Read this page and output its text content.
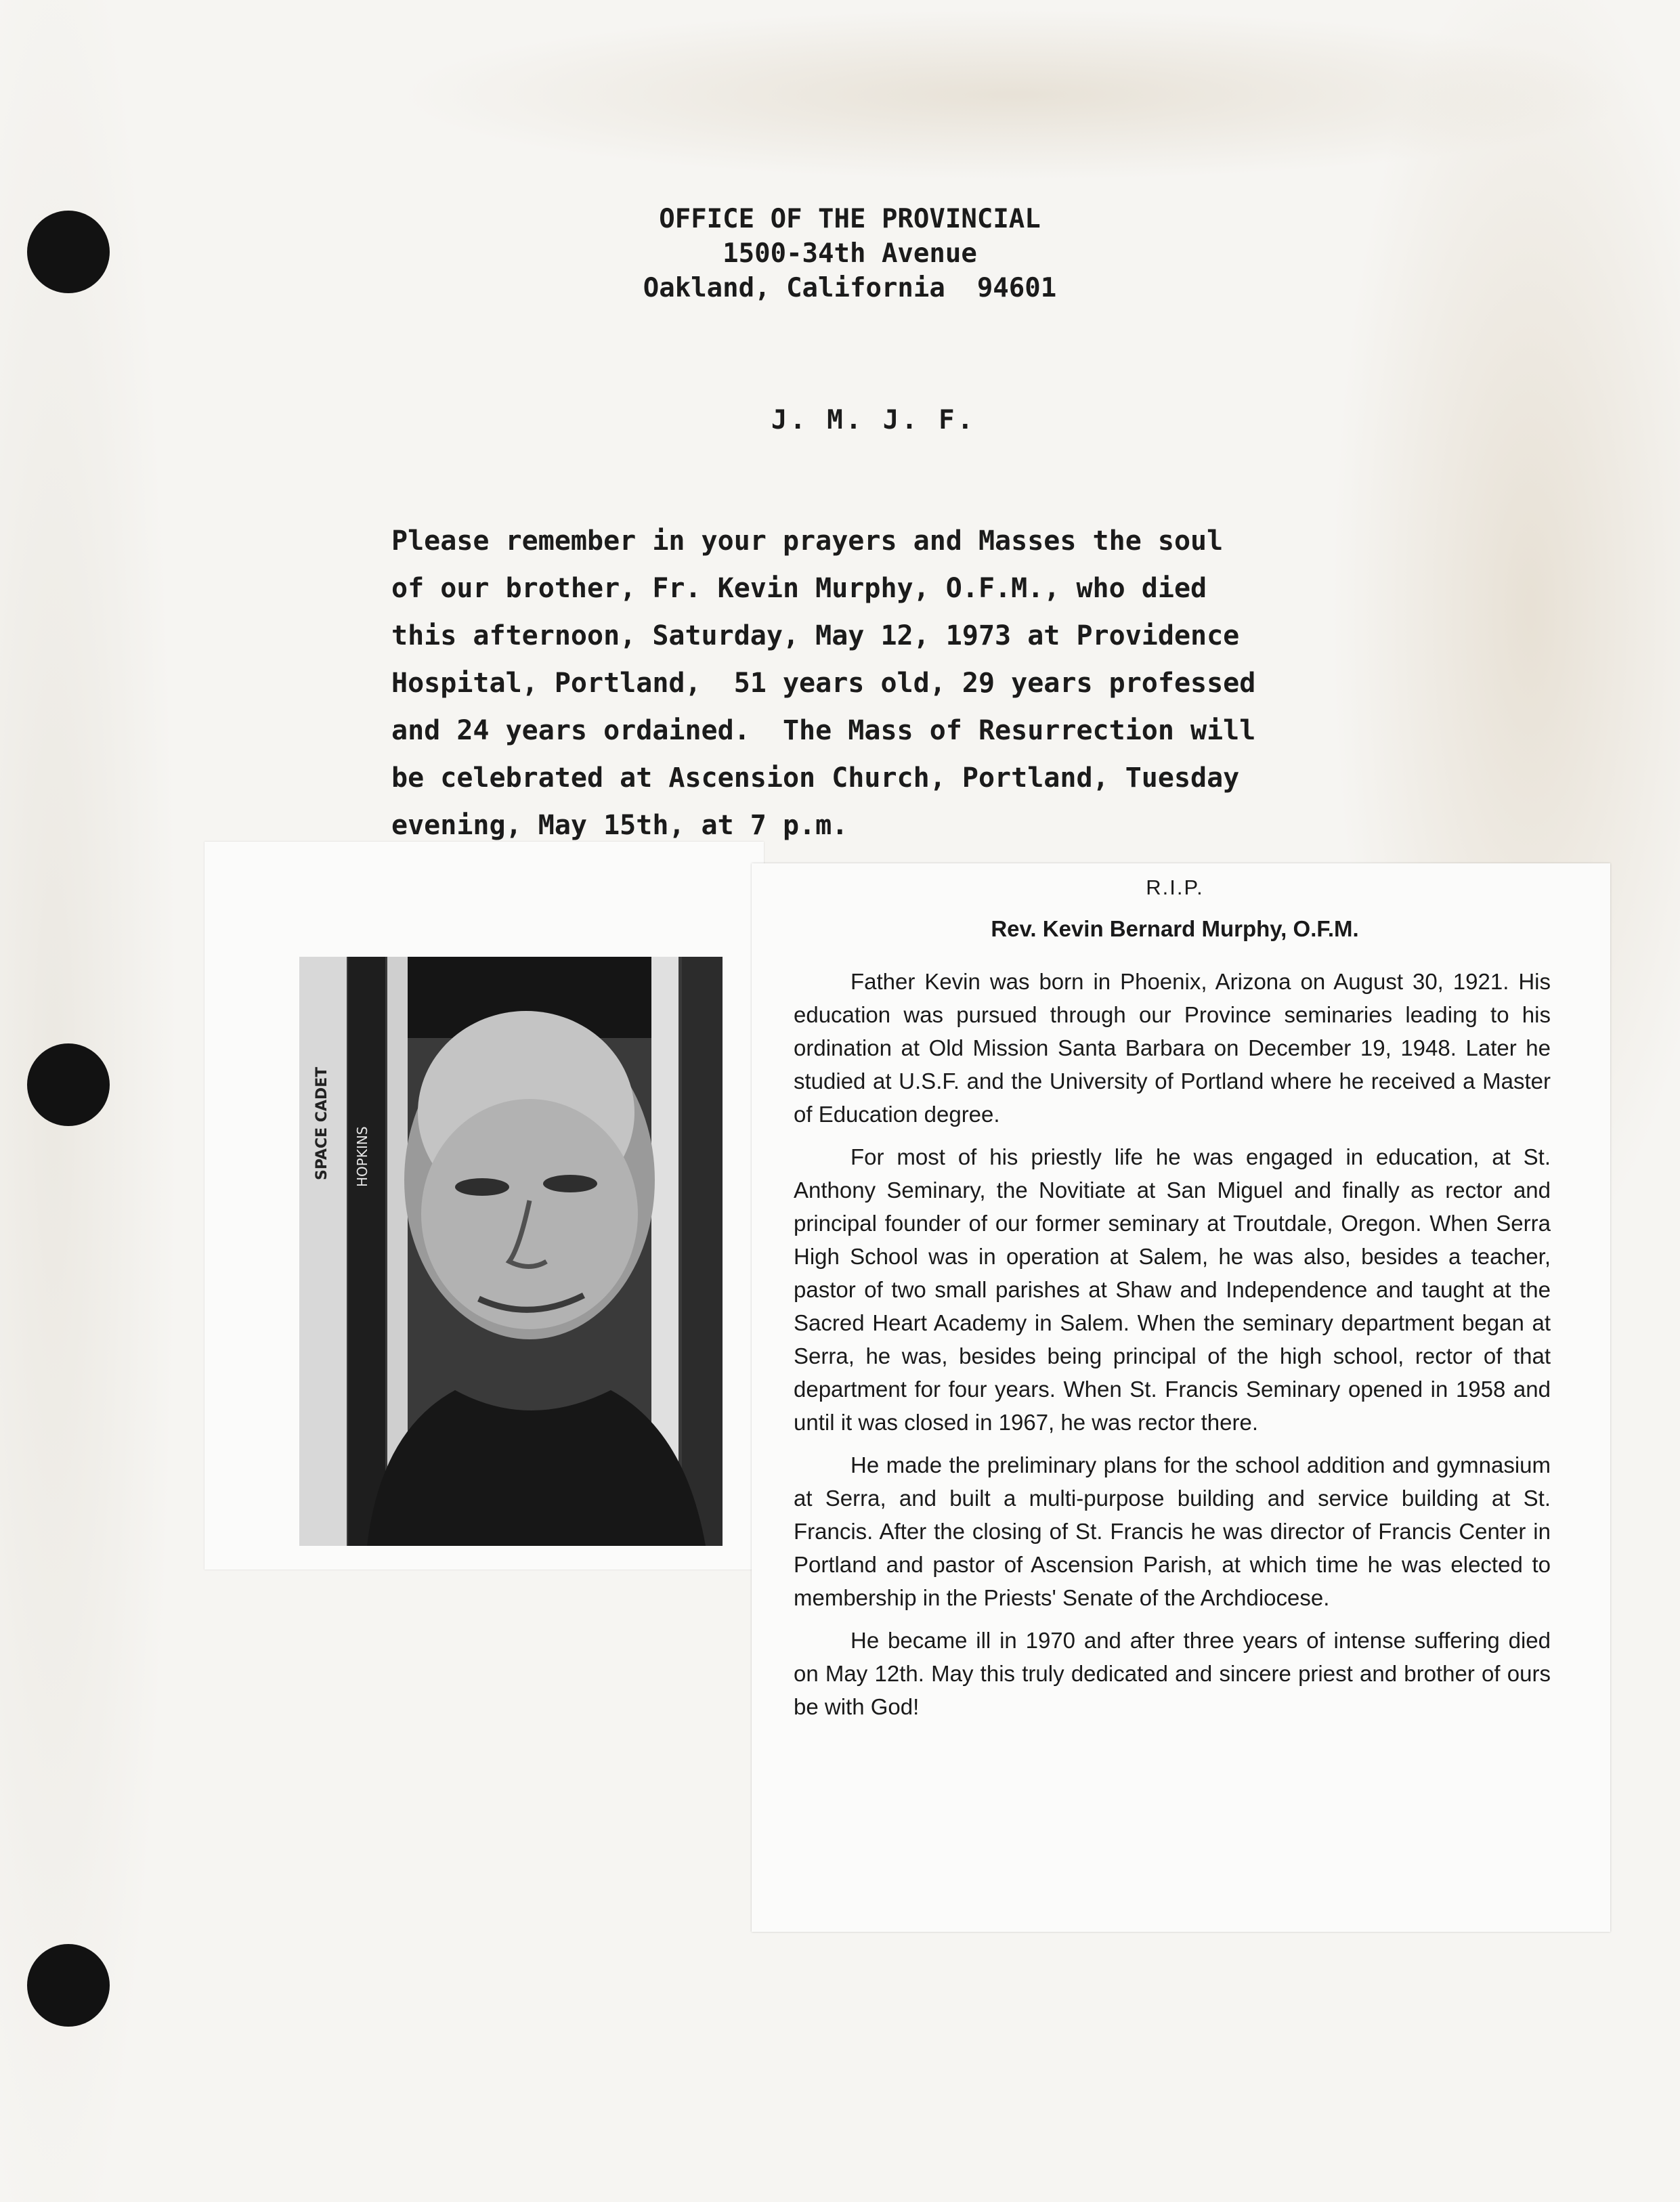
OFFICE OF THE PROVINCIAL
1500-34th Avenue
Oakland, California  94601
J. M. J. F.
Please remember in your prayers and Masses the soul
of our brother, Fr. Kevin Murphy, O.F.M., who died
this afternoon, Saturday, May 12, 1973 at Providence
Hospital, Portland,  51 years old, 29 years professed
and 24 years ordained.  The Mass of Resurrection will
be celebrated at Ascension Church, Portland, Tuesday
evening, May 15th, at 7 p.m.
SPACE CADET HOPKINS
R.I.P.
Rev. Kevin Bernard Murphy, O.F.M.

Father Kevin was born in Phoenix, Arizona on August 30, 1921. His education was pursued through our Province seminaries leading to his ordination at Old Mission Santa Barbara on December 19, 1948. Later he studied at U.S.F. and the University of Portland where he received a Master of Education degree.

For most of his priestly life he was engaged in education, at St. Anthony Seminary, the Novitiate at San Miguel and finally as rector and principal founder of our former seminary at Troutdale, Oregon. When Serra High School was in operation at Salem, he was also, besides a teacher, pastor of two small parishes at Shaw and Independence and taught at the Sacred Heart Academy in Salem. When the seminary department began at Serra, he was, besides being principal of the high school, rector of that department for four years. When St. Francis Seminary opened in 1958 and until it was closed in 1967, he was rector there.

He made the preliminary plans for the school addition and gymnasium at Serra, and built a multi-purpose building and service building at St. Francis. After the closing of St. Francis he was director of Francis Center in Portland and pastor of Ascension Parish, at which time he was elected to membership in the Priests' Senate of the Archdiocese.

He became ill in 1970 and after three years of intense suffering died on May 12th. May this truly dedicated and sincere priest and brother of ours be with God!
